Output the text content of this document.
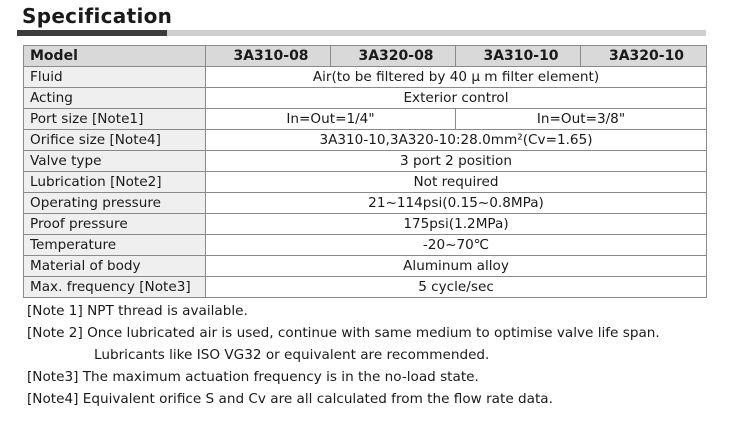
Specification
Model	3A310-08	3A320-08	3A310-10	3A320-10
Fluid	Air(to be filtered by 40 μ m filter element)			
Acting	Exterior control			
Port size [Note1]	In=Out=1/4"		In=Out=3/8"	
Orifice size [Note4]	3A310-10,3A320-10:28.0mm²(Cv=1.65)			
Valve type	3 port 2 position			
Lubrication [Note2]	Not required			
Operating pressure	21~114psi(0.15~0.8MPa)			
Proof pressure	175psi(1.2MPa)			
Temperature	-20~70℃			
Material of body	Aluminum alloy			
Max. frequency [Note3]	5 cycle/sec			
[Note 1] NPT thread is available.
[Note 2] Once lubricated air is used, continue with same medium to optimise valve life span.
Lubricants like ISO VG32 or equivalent are recommended.
[Note3] The maximum actuation frequency is in the no-load state.
[Note4] Equivalent orifice S and Cv are all calculated from the flow rate data.
